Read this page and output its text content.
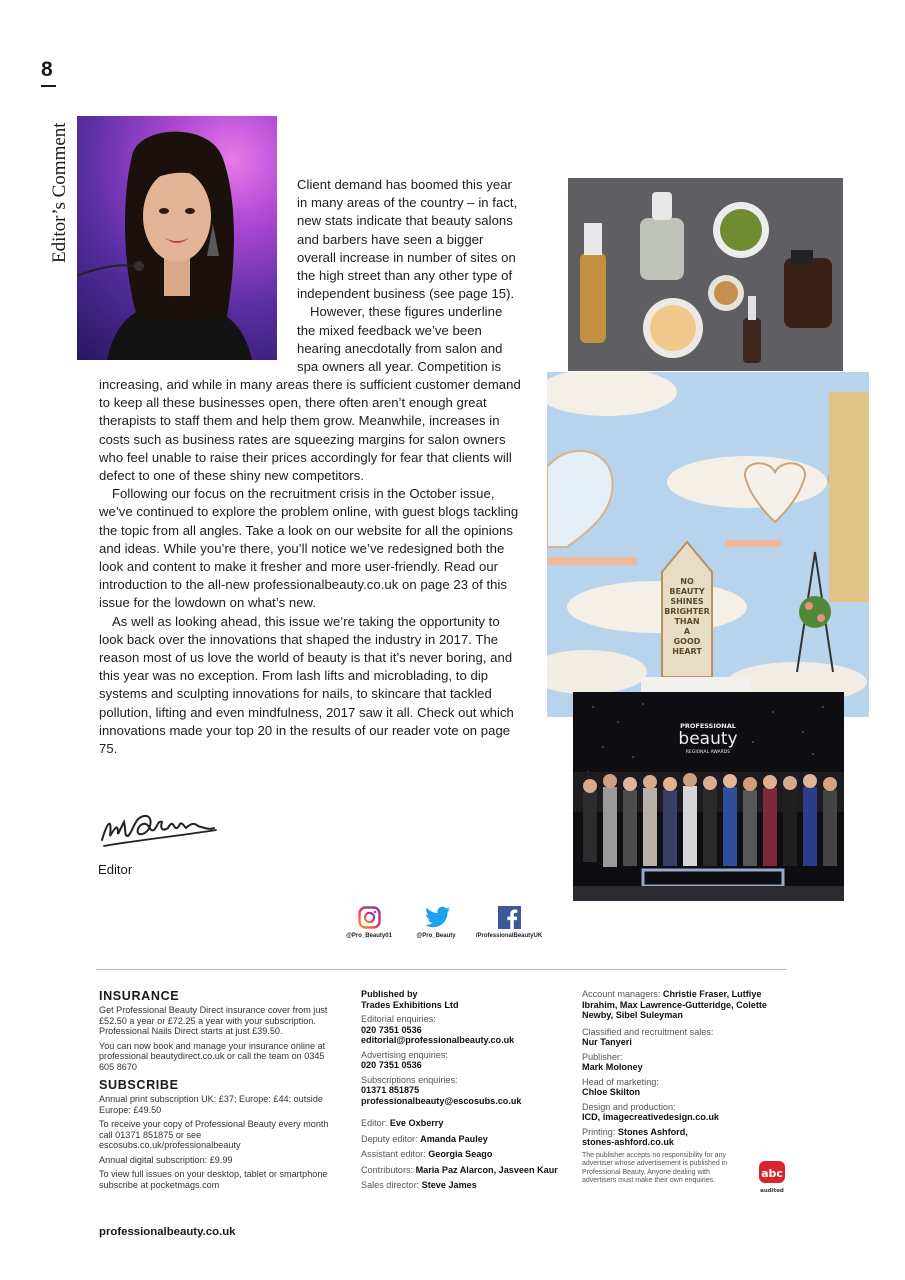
8
Editor’s Comment	Client demand has boomed this year
in many areas of the country – in fact,
new stats indicate that beauty salons
and barbers have seen a bigger
overall increase in number of sites on
the high street than any other type of
independent business (see page 15).
However, these figures underline
the mixed feedback we’ve been
hearing anecdotally from salon and
spa owners all year. Competition is

increasing, and while in many areas there is sufficient customer demand to keep all these businesses open, there often aren’t enough great therapists to staff them and help them grow. Meanwhile, increases in costs such as business rates are squeezing margins for salon owners who feel unable to raise their prices accordingly for fear that clients will defect to one of these shiny new competitors.

Following our focus on the recruitment crisis in the October issue, we’ve continued to explore the problem online, with guest blogs tackling the topic from all angles. Take a look on our website for all the opinions and ideas. While you’re there, you’ll notice we’ve redesigned both the look and content to make it fresher and more user-friendly. Read our introduction to the all-new professionalbeauty.co.uk on page 23 of this issue for the lowdown on what’s new.

As well as looking ahead, this issue we’re taking the opportunity to look back over the innovations that shaped the industry in 2017. The reason most of us love the world of beauty is that it’s never boring, and this year was no exception. From lash lifts and microblading, to dip systems and sculpting innovations for nails, to skincare that tackled pollution, lifting and even mindfulness, 2017 saw it all. Check out which innovations made your top 20 in the results of our reader vote on page 75.

Editor
NO
BEAUTY
SHINES
BRIGHTER
THAN
A
GOOD
HEART
PROFESSIONAL
beauty
REGIONAL AWARDS
@Pro_Beauty01	@Pro_Beauty	/ProfessionalBeautyUK
INSURANCE

Get Professional Beauty Direct insurance cover from just £52.50 a year or £72.25 a year with your subscription. Professional Nails Direct starts at just £39.50.

You can now book and manage your insurance online at professional beautydirect.co.uk or call the team on 0345 605 8670

SUBSCRIBE

Annual print subscription UK: £37; Europe: £44; outside Europe: £49.50

To receive your copy of Professional Beauty every month call 01371 851875 or see escosubs.co.uk/professionalbeauty

Annual digital subscription: £9.99

To view full issues on your desktop, tablet or smartphone subscribe at pocketmags.com

Published by
Trades Exhibitions Ltd
Editorial enquiries:
020 7351 0536
editorial@professionalbeauty.co.uk
Advertising enquiries:
020 7351 0536
Subscriptions enquiries:
01371 851875
professionalbeauty@escosubs.co.uk
Editor: Eve Oxberry
Deputy editor: Amanda Pauley
Assistant editor: Georgia Seago
Contributors: Maria Paz Alarcon, Jasveen Kaur
Sales director: Steve James
Account managers: Christie Fraser, Lutfiye Ibrahim, Max Lawrence-Gutteridge, Colette Newby, Sibel Suleyman
Classified and recruitment sales:
Nur Tanyeri
Publisher:
Mark Moloney
Head of marketing:
Chloe Skilton
Design and production:
ICD, imagecreativedesign.co.uk
Printing: Stones Ashford, stones-ashford.co.uk
The publisher accepts no responsibility for any advertiser whose advertisement is published in Professional Beauty. Anyone dealing with advertisers must make their own enquiries.
abc
audited
professionalbeauty.co.uk
